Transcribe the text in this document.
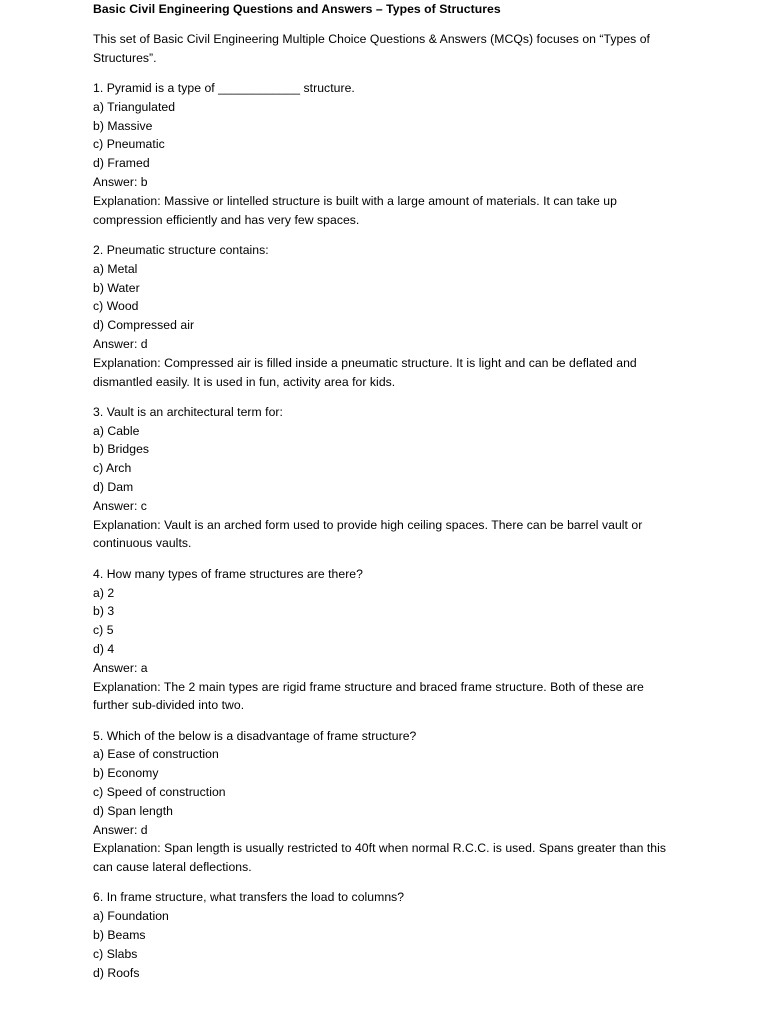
Basic Civil Engineering Questions and Answers – Types of Structures
This set of Basic Civil Engineering Multiple Choice Questions & Answers (MCQs) focuses on “Types of Structures”.
1. Pyramid is a type of ____________ structure.
a) Triangulated
b) Massive
c) Pneumatic
d) Framed
Answer: b
Explanation: Massive or lintelled structure is built with a large amount of materials. It can take up compression efficiently and has very few spaces.
2. Pneumatic structure contains:
a) Metal
b) Water
c) Wood
d) Compressed air
Answer: d
Explanation: Compressed air is filled inside a pneumatic structure. It is light and can be deflated and dismantled easily. It is used in fun, activity area for kids.
3. Vault is an architectural term for:
a) Cable
b) Bridges
c) Arch
d) Dam
Answer: c
Explanation: Vault is an arched form used to provide high ceiling spaces. There can be barrel vault or continuous vaults.
4. How many types of frame structures are there?
a) 2
b) 3
c) 5
d) 4
Answer: a
Explanation: The 2 main types are rigid frame structure and braced frame structure. Both of these are further sub-divided into two.
5. Which of the below is a disadvantage of frame structure?
a) Ease of construction
b) Economy
c) Speed of construction
d) Span length
Answer: d
Explanation: Span length is usually restricted to 40ft when normal R.C.C. is used. Spans greater than this can cause lateral deflections.
6. In frame structure, what transfers the load to columns?
a) Foundation
b) Beams
c) Slabs
d) Roofs
